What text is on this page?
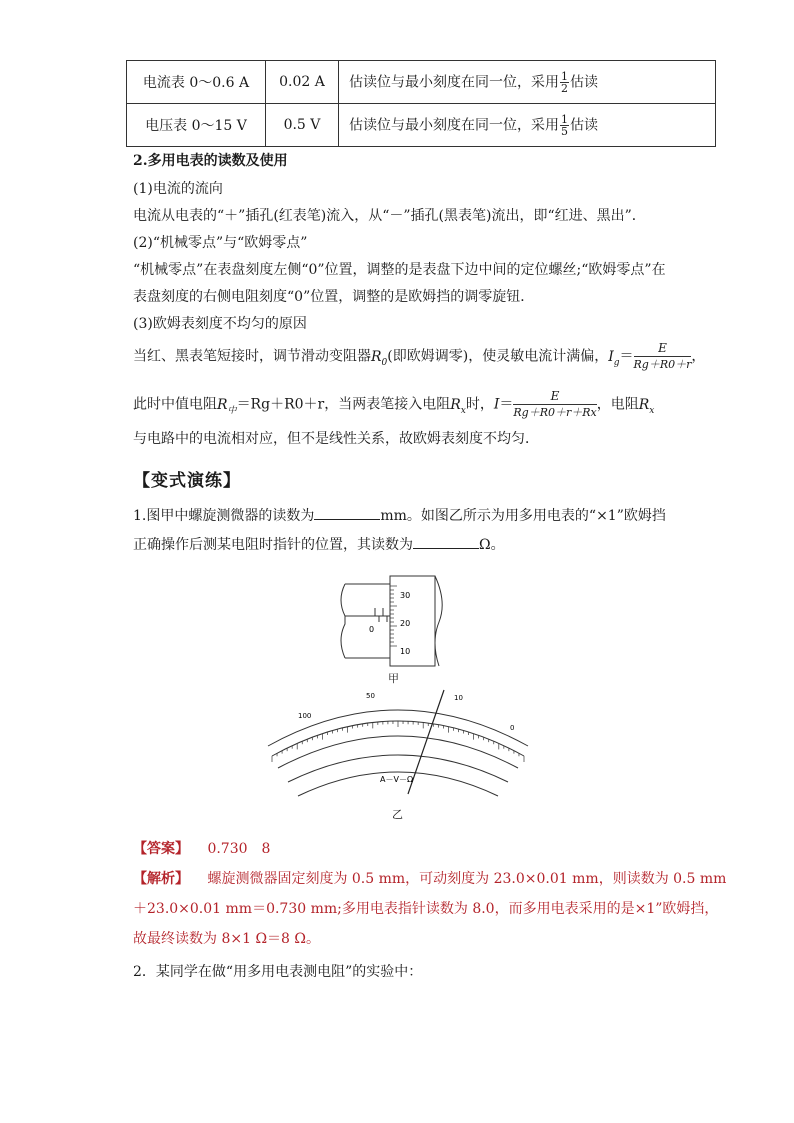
电流表 0～0.6 A	0.02 A	估读位与最小刻度在同一位，采用 $\frac{1}{2}$ 估读
电压表 0～15 V	0.5 V	估读位与最小刻度在同一位，采用 $\frac{1}{5}$ 估读
2.多用电表的读数及使用
(1)电流的流向
电流从电表的“＋”插孔(红表笔)流入，从“－”插孔(黑表笔)流出，即“红进、黑出”．
(2)“机械零点”与“欧姆零点”
“机械零点”在表盘刻度左侧“0”位置，调整的是表盘下边中间的定位螺丝;“欧姆零点”在
表盘刻度的右侧电阻刻度“0”位置，调整的是欧姆挡的调零旋钮．
(3)欧姆表刻度不均匀的原因
当红、黑表笔短接时，调节滑动变阻器$R_0$(即欧姆调零)，使灵敏电流计满偏，$I_g= \frac{E}{Rg+R0+r}$ ，
此时中值电阻$R_中=Rg+R0+r$，当两表笔接入电阻$R_x$时，$I= \frac{E}{Rg+R0+r+Rx}$ ，电阻$R_x$
与电路中的电流相对应，但不是线性关系，故欧姆表刻度不均匀．
【变式演练】
1.图甲中螺旋测微器的读数为	mm。如图乙所示为用多用电表的“×1”欧姆挡
正确操作后测某电阻时指针的位置，其读数为	Ω。
30
20
10
0
甲
100
50	10
0
A－V－Ω
乙
【答案】 0.730　8
【解析】 螺旋测微器固定刻度为 0.5 mm，可动刻度为 23.0×0.01 mm，则读数为 0.5 mm
＋23.0×0.01 mm＝0.730 mm;多用电表指针读数为 8.0，而多用电表采用的是×1”欧姆挡，
故最终读数为 8×1 Ω＝8 Ω。
2．某同学在做“用多用电表测电阻”的实验中：
